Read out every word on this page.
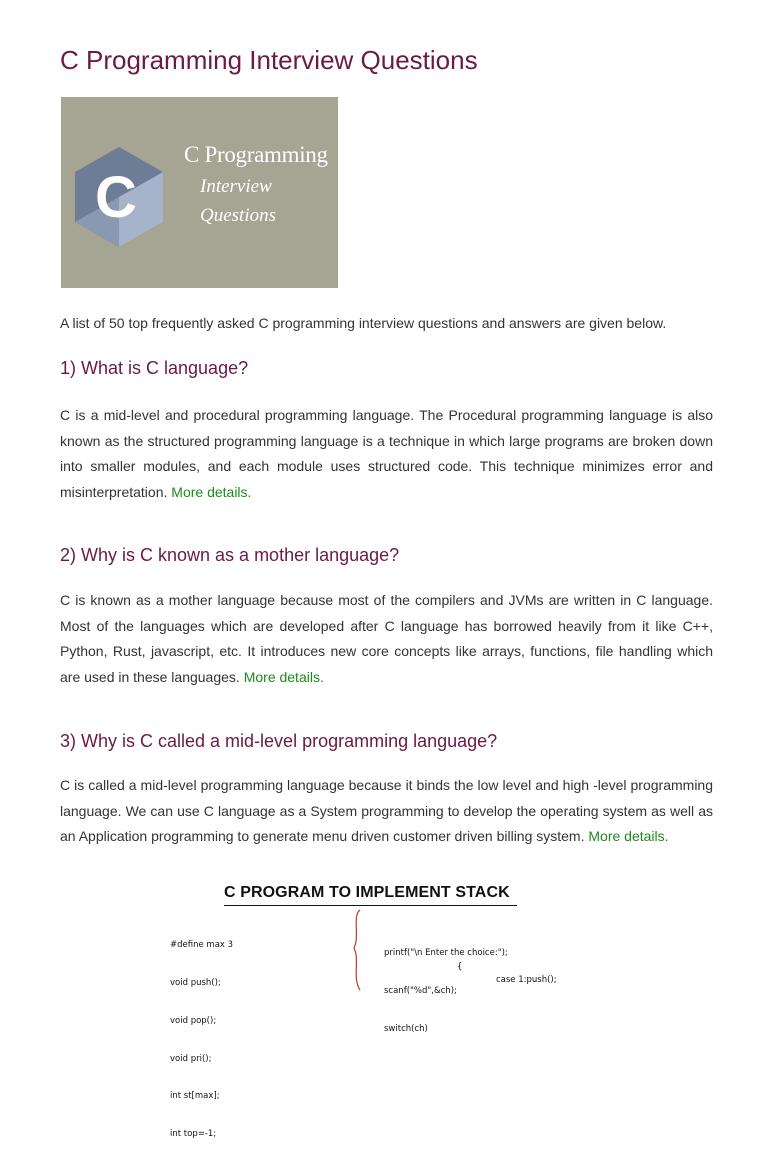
C Programming Interview Questions
C
C Programming
Interview
Questions

A list of 50 top frequently asked C programming interview questions and answers are given below.

1) What is C language?

C is a mid-level and procedural programming language. The Procedural programming language is also known as the structured programming language is a technique in which large programs are broken down into smaller modules, and each module uses structured code. This technique minimizes error and misinterpretation. More details.

2) Why is C known as a mother language?

C is known as a mother language because most of the compilers and JVMs are written in C language. Most of the languages which are developed after C language has borrowed heavily from it like C++, Python, Rust, javascript, etc. It introduces new core concepts like arrays, functions, file handling which are used in these languages. More details.

3) Why is C called a mid-level programming language?

C is called a mid-level programming language because it binds the low level and high -level programming language. We can use C language as a System programming to develop the operating system as well as an Application programming to generate menu driven customer driven billing system. More details.

C PROGRAM TO IMPLEMENT STACK

#define max 3

void push();

void pop();

void pri();

int st[max];

int top=-1;

printf("\n Enter the choice:");

scanf("%d",&ch);

switch(ch)

{
case 1:push();
